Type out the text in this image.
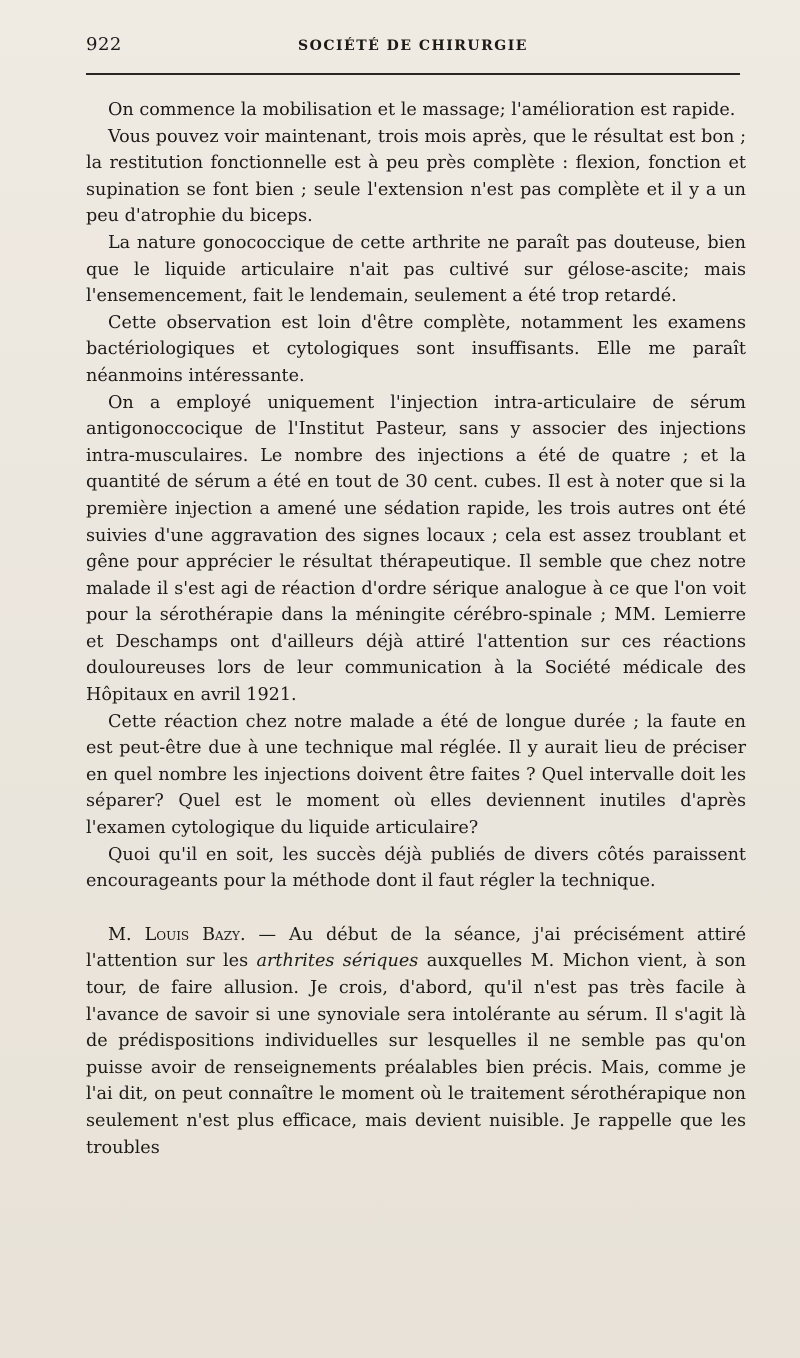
922	SOCIÉTÉ DE CHIRURGIE

On commence la mobilisation et le massage; l'amélioration est rapide.

Vous pouvez voir maintenant, trois mois après, que le résultat est bon ; la restitution fonctionnelle est à peu près complète : flexion, fonction et supination se font bien ; seule l'extension n'est pas complète et il y a un peu d'atrophie du biceps.

La nature gonococcique de cette arthrite ne paraît pas douteuse, bien que le liquide articulaire n'ait pas cultivé sur gélose-ascite; mais l'ensemencement, fait le lendemain, seulement a été trop retardé.

Cette observation est loin d'être complète, notamment les examens bactériologiques et cytologiques sont insuffisants. Elle me paraît néanmoins intéressante.

On a employé uniquement l'injection intra-articulaire de sérum antigonoccocique de l'Institut Pasteur, sans y associer des injections intra-musculaires. Le nombre des injections a été de quatre ; et la quantité de sérum a été en tout de 30 cent. cubes. Il est à noter que si la première injection a amené une sédation rapide, les trois autres ont été suivies d'une aggravation des signes locaux ; cela est assez troublant et gêne pour apprécier le résultat thérapeutique. Il semble que chez notre malade il s'est agi de réaction d'ordre sérique analogue à ce que l'on voit pour la sérothérapie dans la méningite cérébro-spinale ; MM. Lemierre et Deschamps ont d'ailleurs déjà attiré l'attention sur ces réactions douloureuses lors de leur communication à la Société médicale des Hôpitaux en avril 1921.

Cette réaction chez notre malade a été de longue durée ; la faute en est peut-être due à une technique mal réglée. Il y aurait lieu de préciser en quel nombre les injections doivent être faites ? Quel intervalle doit les séparer? Quel est le moment où elles deviennent inutiles d'après l'examen cytologique du liquide articulaire?

Quoi qu'il en soit, les succès déjà publiés de divers côtés paraissent encourageants pour la méthode dont il faut régler la technique.

M. Louis Bazy. — Au début de la séance, j'ai précisément attiré l'attention sur les arthrites sériques auxquelles M. Michon vient, à son tour, de faire allusion. Je crois, d'abord, qu'il n'est pas très facile à l'avance de savoir si une synoviale sera intolérante au sérum. Il s'agit là de prédispositions individuelles sur lesquelles il ne semble pas qu'on puisse avoir de renseignements préalables bien précis. Mais, comme je l'ai dit, on peut connaître le moment où le traitement sérothérapique non seulement n'est plus efficace, mais devient nuisible. Je rappelle que les troubles
